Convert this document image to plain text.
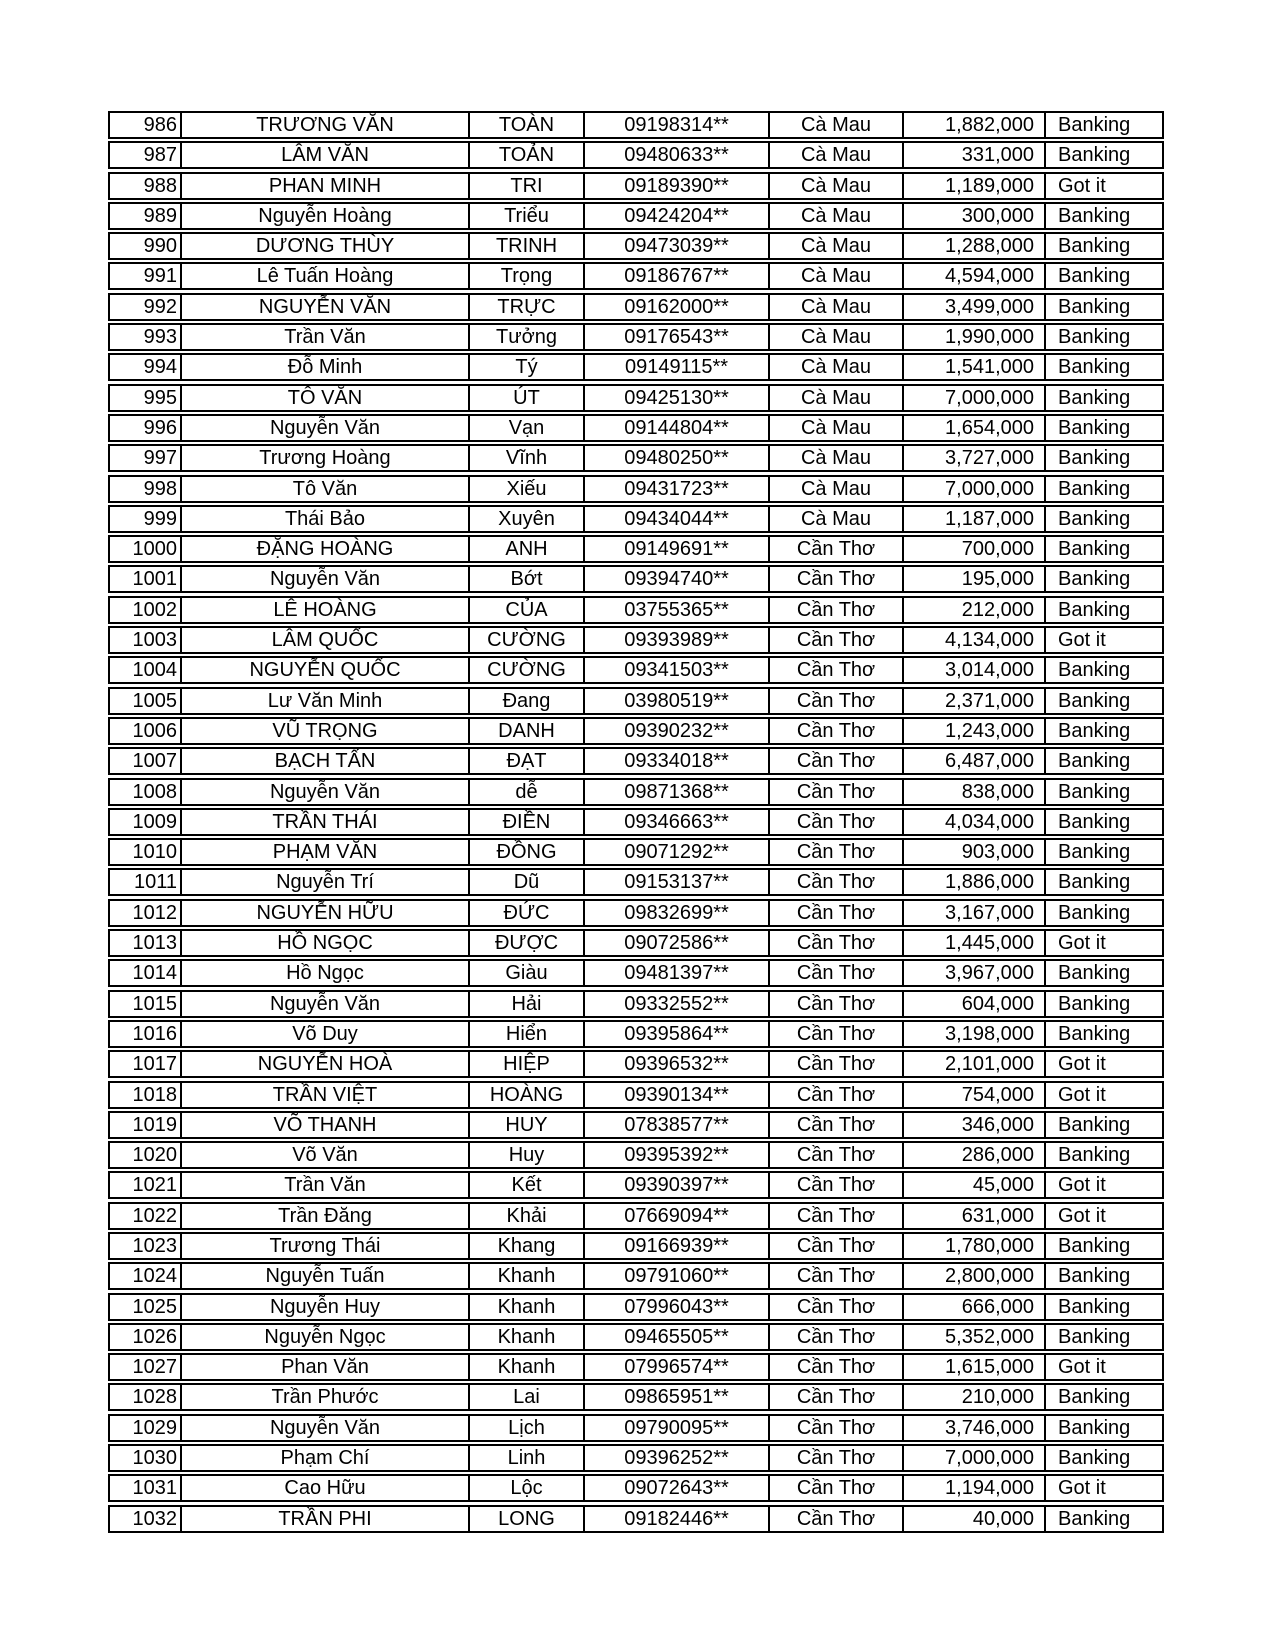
986	TRƯƠNG VĂN	TOÀN	09198314**	Cà Mau	1,882,000	Banking
987	LÂM VĂN	TOẢN	09480633**	Cà Mau	331,000	Banking
988	PHAN MINH	TRI	09189390**	Cà Mau	1,189,000	Got it
989	Nguyễn Hoàng	Triểu	09424204**	Cà Mau	300,000	Banking
990	DƯƠNG THÙY	TRINH	09473039**	Cà Mau	1,288,000	Banking
991	Lê Tuấn Hoàng	Trọng	09186767**	Cà Mau	4,594,000	Banking
992	NGUYỄN VĂN	TRỰC	09162000**	Cà Mau	3,499,000	Banking
993	Trần Văn	Tưởng	09176543**	Cà Mau	1,990,000	Banking
994	Đỗ Minh	Tý	09149115**	Cà Mau	1,541,000	Banking
995	TÔ VĂN	ÚT	09425130**	Cà Mau	7,000,000	Banking
996	Nguyễn Văn	Vạn	09144804**	Cà Mau	1,654,000	Banking
997	Trương Hoàng	Vĩnh	09480250**	Cà Mau	3,727,000	Banking
998	Tô Văn	Xiếu	09431723**	Cà Mau	7,000,000	Banking
999	Thái Bảo	Xuyên	09434044**	Cà Mau	1,187,000	Banking
1000	ĐẶNG HOÀNG	ANH	09149691**	Cần Thơ	700,000	Banking
1001	Nguyễn Văn	Bớt	09394740**	Cần Thơ	195,000	Banking
1002	LÊ HOÀNG	CỦA	03755365**	Cần Thơ	212,000	Banking
1003	LÂM QUỐC	CƯỜNG	09393989**	Cần Thơ	4,134,000	Got it
1004	NGUYỄN QUỐC	CƯỜNG	09341503**	Cần Thơ	3,014,000	Banking
1005	Lư Văn Minh	Đang	03980519**	Cần Thơ	2,371,000	Banking
1006	VŨ TRỌNG	DANH	09390232**	Cần Thơ	1,243,000	Banking
1007	BẠCH TẤN	ĐẠT	09334018**	Cần Thơ	6,487,000	Banking
1008	Nguyễn Văn	dễ	09871368**	Cần Thơ	838,000	Banking
1009	TRẦN THÁI	ĐIỀN	09346663**	Cần Thơ	4,034,000	Banking
1010	PHẠM VĂN	ĐỒNG	09071292**	Cần Thơ	903,000	Banking
1011	Nguyễn Trí	Dũ	09153137**	Cần Thơ	1,886,000	Banking
1012	NGUYỄN HỮU	ĐỨC	09832699**	Cần Thơ	3,167,000	Banking
1013	HỒ NGỌC	ĐƯỢC	09072586**	Cần Thơ	1,445,000	Got it
1014	Hồ Ngọc	Giàu	09481397**	Cần Thơ	3,967,000	Banking
1015	Nguyễn Văn	Hải	09332552**	Cần Thơ	604,000	Banking
1016	Võ Duy	Hiển	09395864**	Cần Thơ	3,198,000	Banking
1017	NGUYỄN HOÀ	HIỆP	09396532**	Cần Thơ	2,101,000	Got it
1018	TRẦN VIỆT	HOÀNG	09390134**	Cần Thơ	754,000	Got it
1019	VÕ THANH	HUY	07838577**	Cần Thơ	346,000	Banking
1020	Võ Văn	Huy	09395392**	Cần Thơ	286,000	Banking
1021	Trần Văn	Kết	09390397**	Cần Thơ	45,000	Got it
1022	Trần Đăng	Khải	07669094**	Cần Thơ	631,000	Got it
1023	Trương Thái	Khang	09166939**	Cần Thơ	1,780,000	Banking
1024	Nguyễn Tuấn	Khanh	09791060**	Cần Thơ	2,800,000	Banking
1025	Nguyễn Huy	Khanh	07996043**	Cần Thơ	666,000	Banking
1026	Nguyễn Ngọc	Khanh	09465505**	Cần Thơ	5,352,000	Banking
1027	Phan Văn	Khanh	07996574**	Cần Thơ	1,615,000	Got it
1028	Trần Phước	Lai	09865951**	Cần Thơ	210,000	Banking
1029	Nguyễn Văn	Lịch	09790095**	Cần Thơ	3,746,000	Banking
1030	Phạm Chí	Linh	09396252**	Cần Thơ	7,000,000	Banking
1031	Cao Hữu	Lộc	09072643**	Cần Thơ	1,194,000	Got it
1032	TRẦN PHI	LONG	09182446**	Cần Thơ	40,000	Banking
